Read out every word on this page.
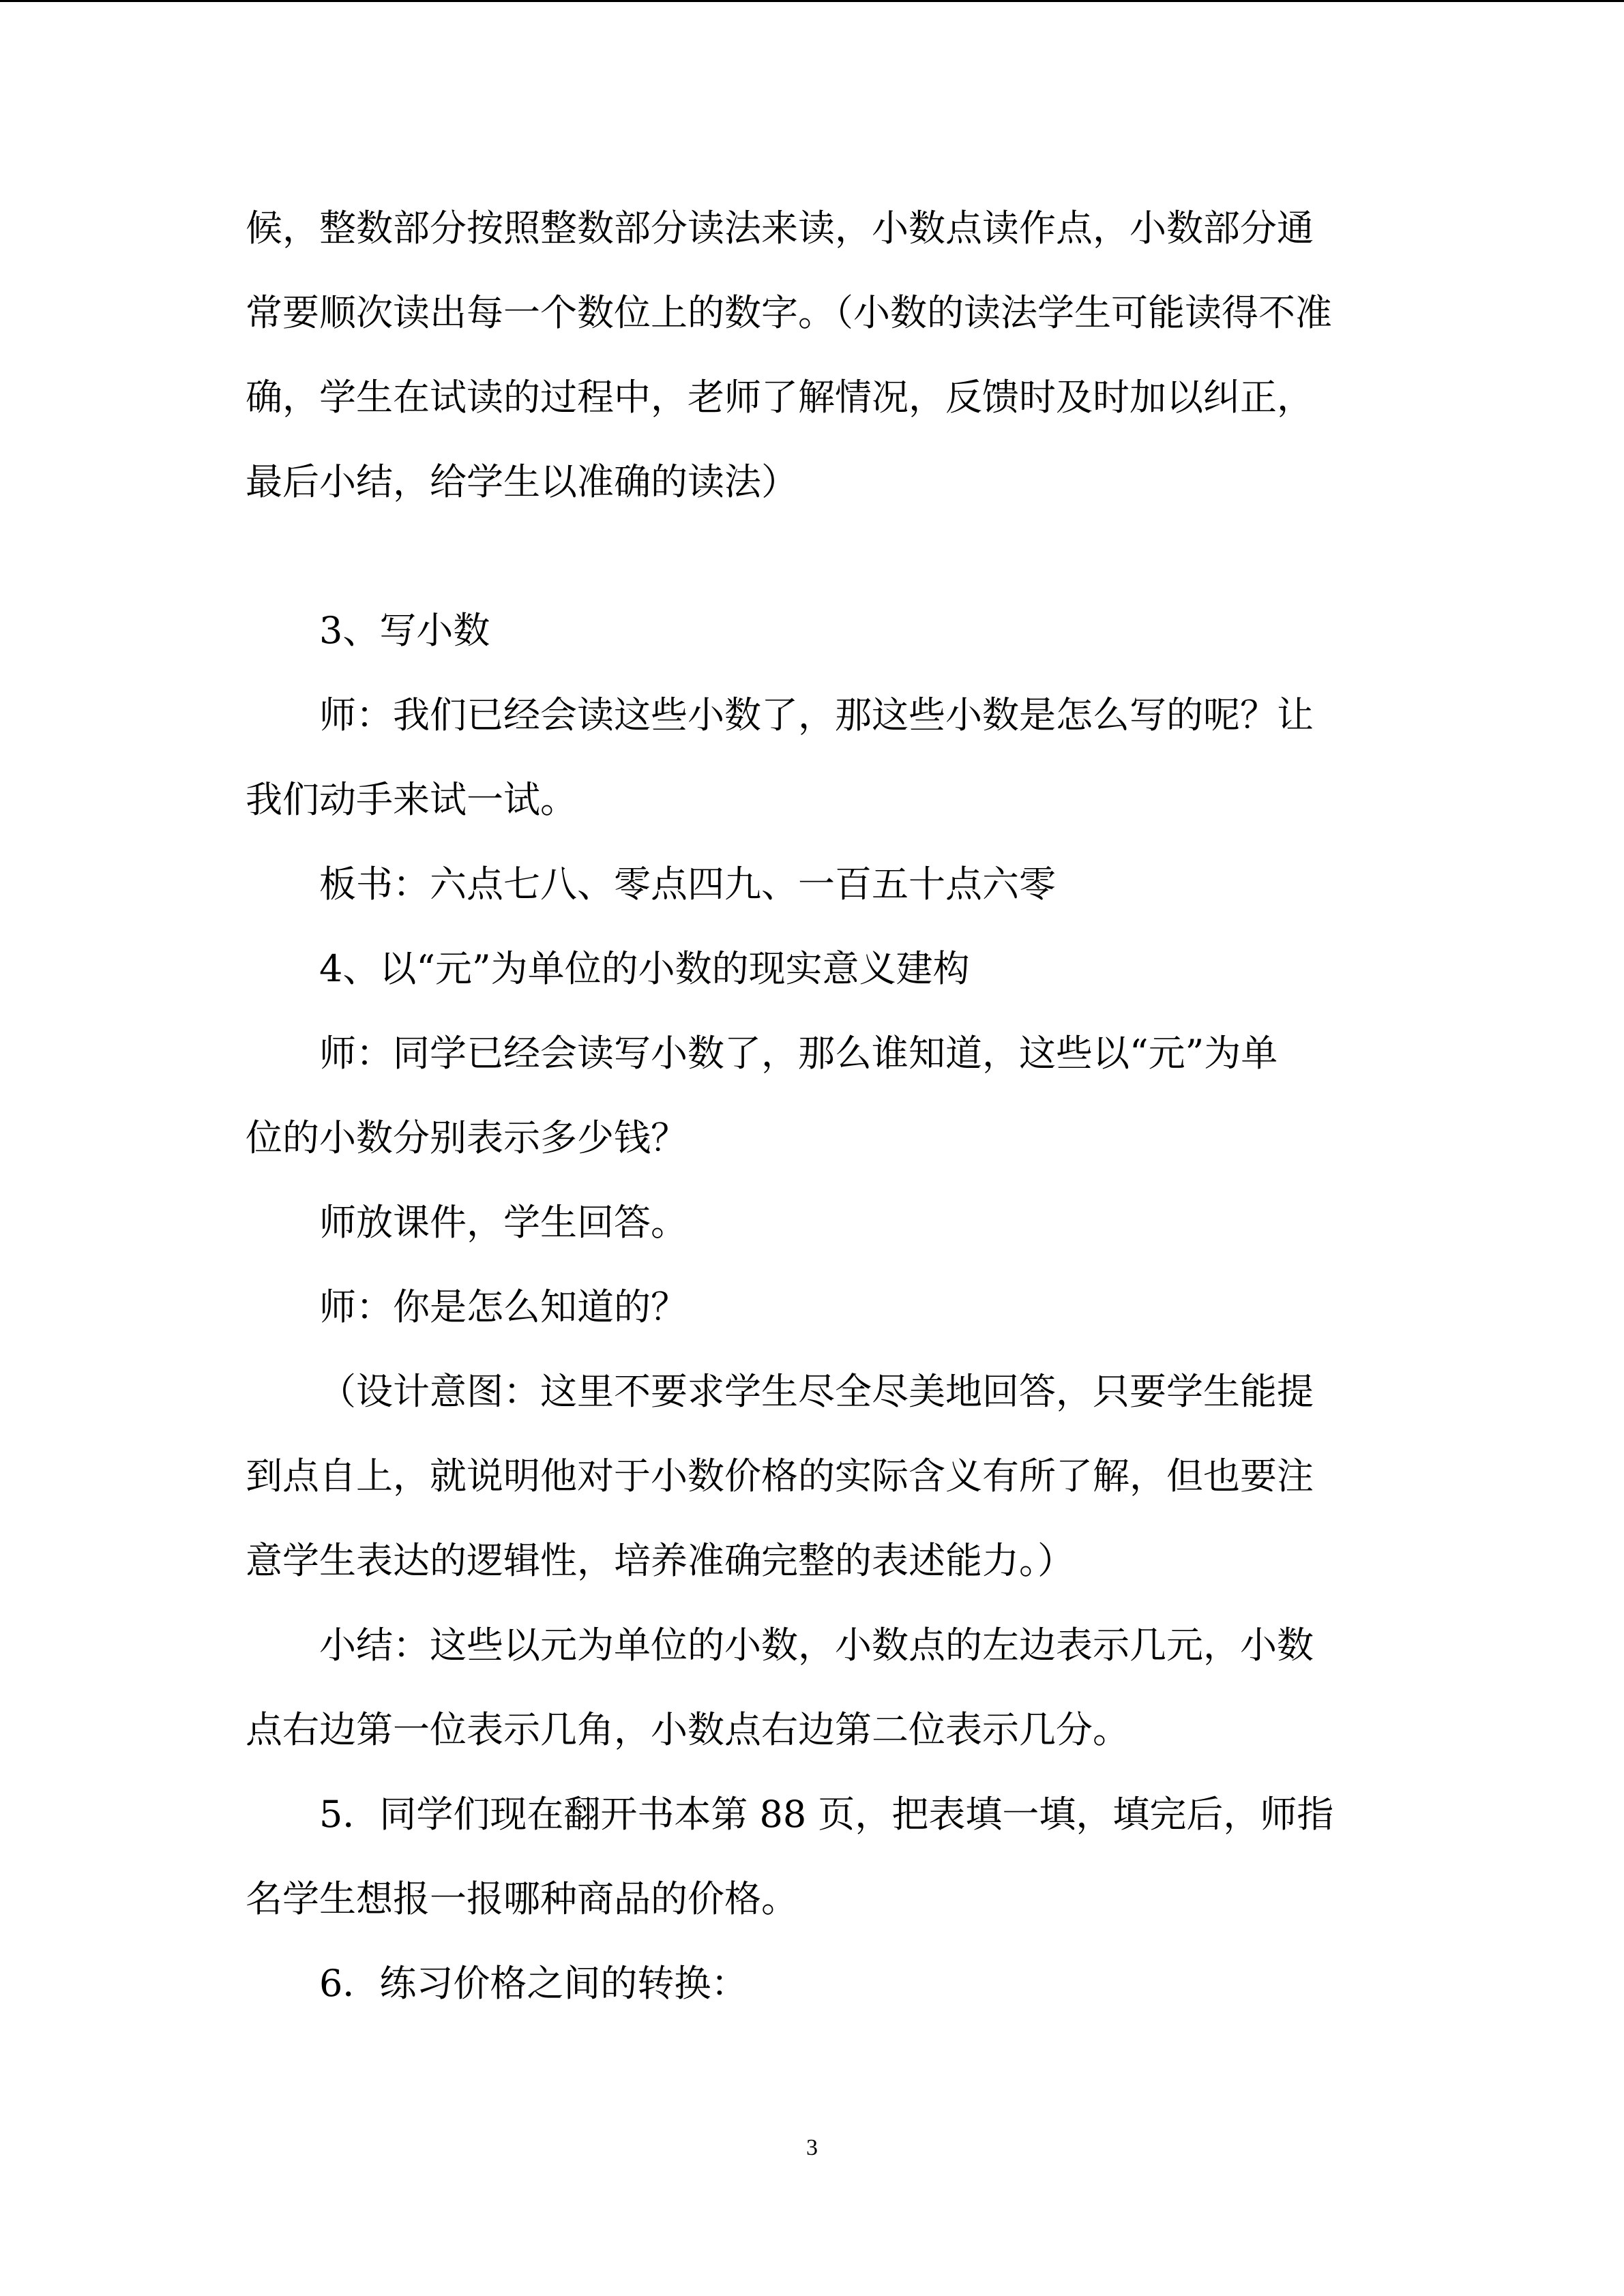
候，整数部分按照整数部分读法来读，小数点读作点，小数部分通
常要顺次读出每一个数位上的数字。（小数的读法学生可能读得不准
确，学生在试读的过程中，老师了解情况，反馈时及时加以纠正，
最后小结，给学生以准确的读法）
3、写小数
师：我们已经会读这些小数了，那这些小数是怎么写的呢？让
我们动手来试一试。
板书：六点七八、零点四九、一百五十点六零
4、以“元”为单位的小数的现实意义建构
师：同学已经会读写小数了，那么谁知道，这些以“元”为单
位的小数分别表示多少钱？
师放课件，学生回答。
师：你是怎么知道的？
（设计意图：这里不要求学生尽全尽美地回答，只要学生能提
到点自上，就说明他对于小数价格的实际含义有所了解，但也要注
意学生表达的逻辑性，培养准确完整的表述能力。）
小结：这些以元为单位的小数，小数点的左边表示几元，小数
点右边第一位表示几角，小数点右边第二位表示几分。
5．同学们现在翻开书本第 88 页，把表填一填，填完后，师指
名学生想报一报哪种商品的价格。
6．练习价格之间的转换：
3
